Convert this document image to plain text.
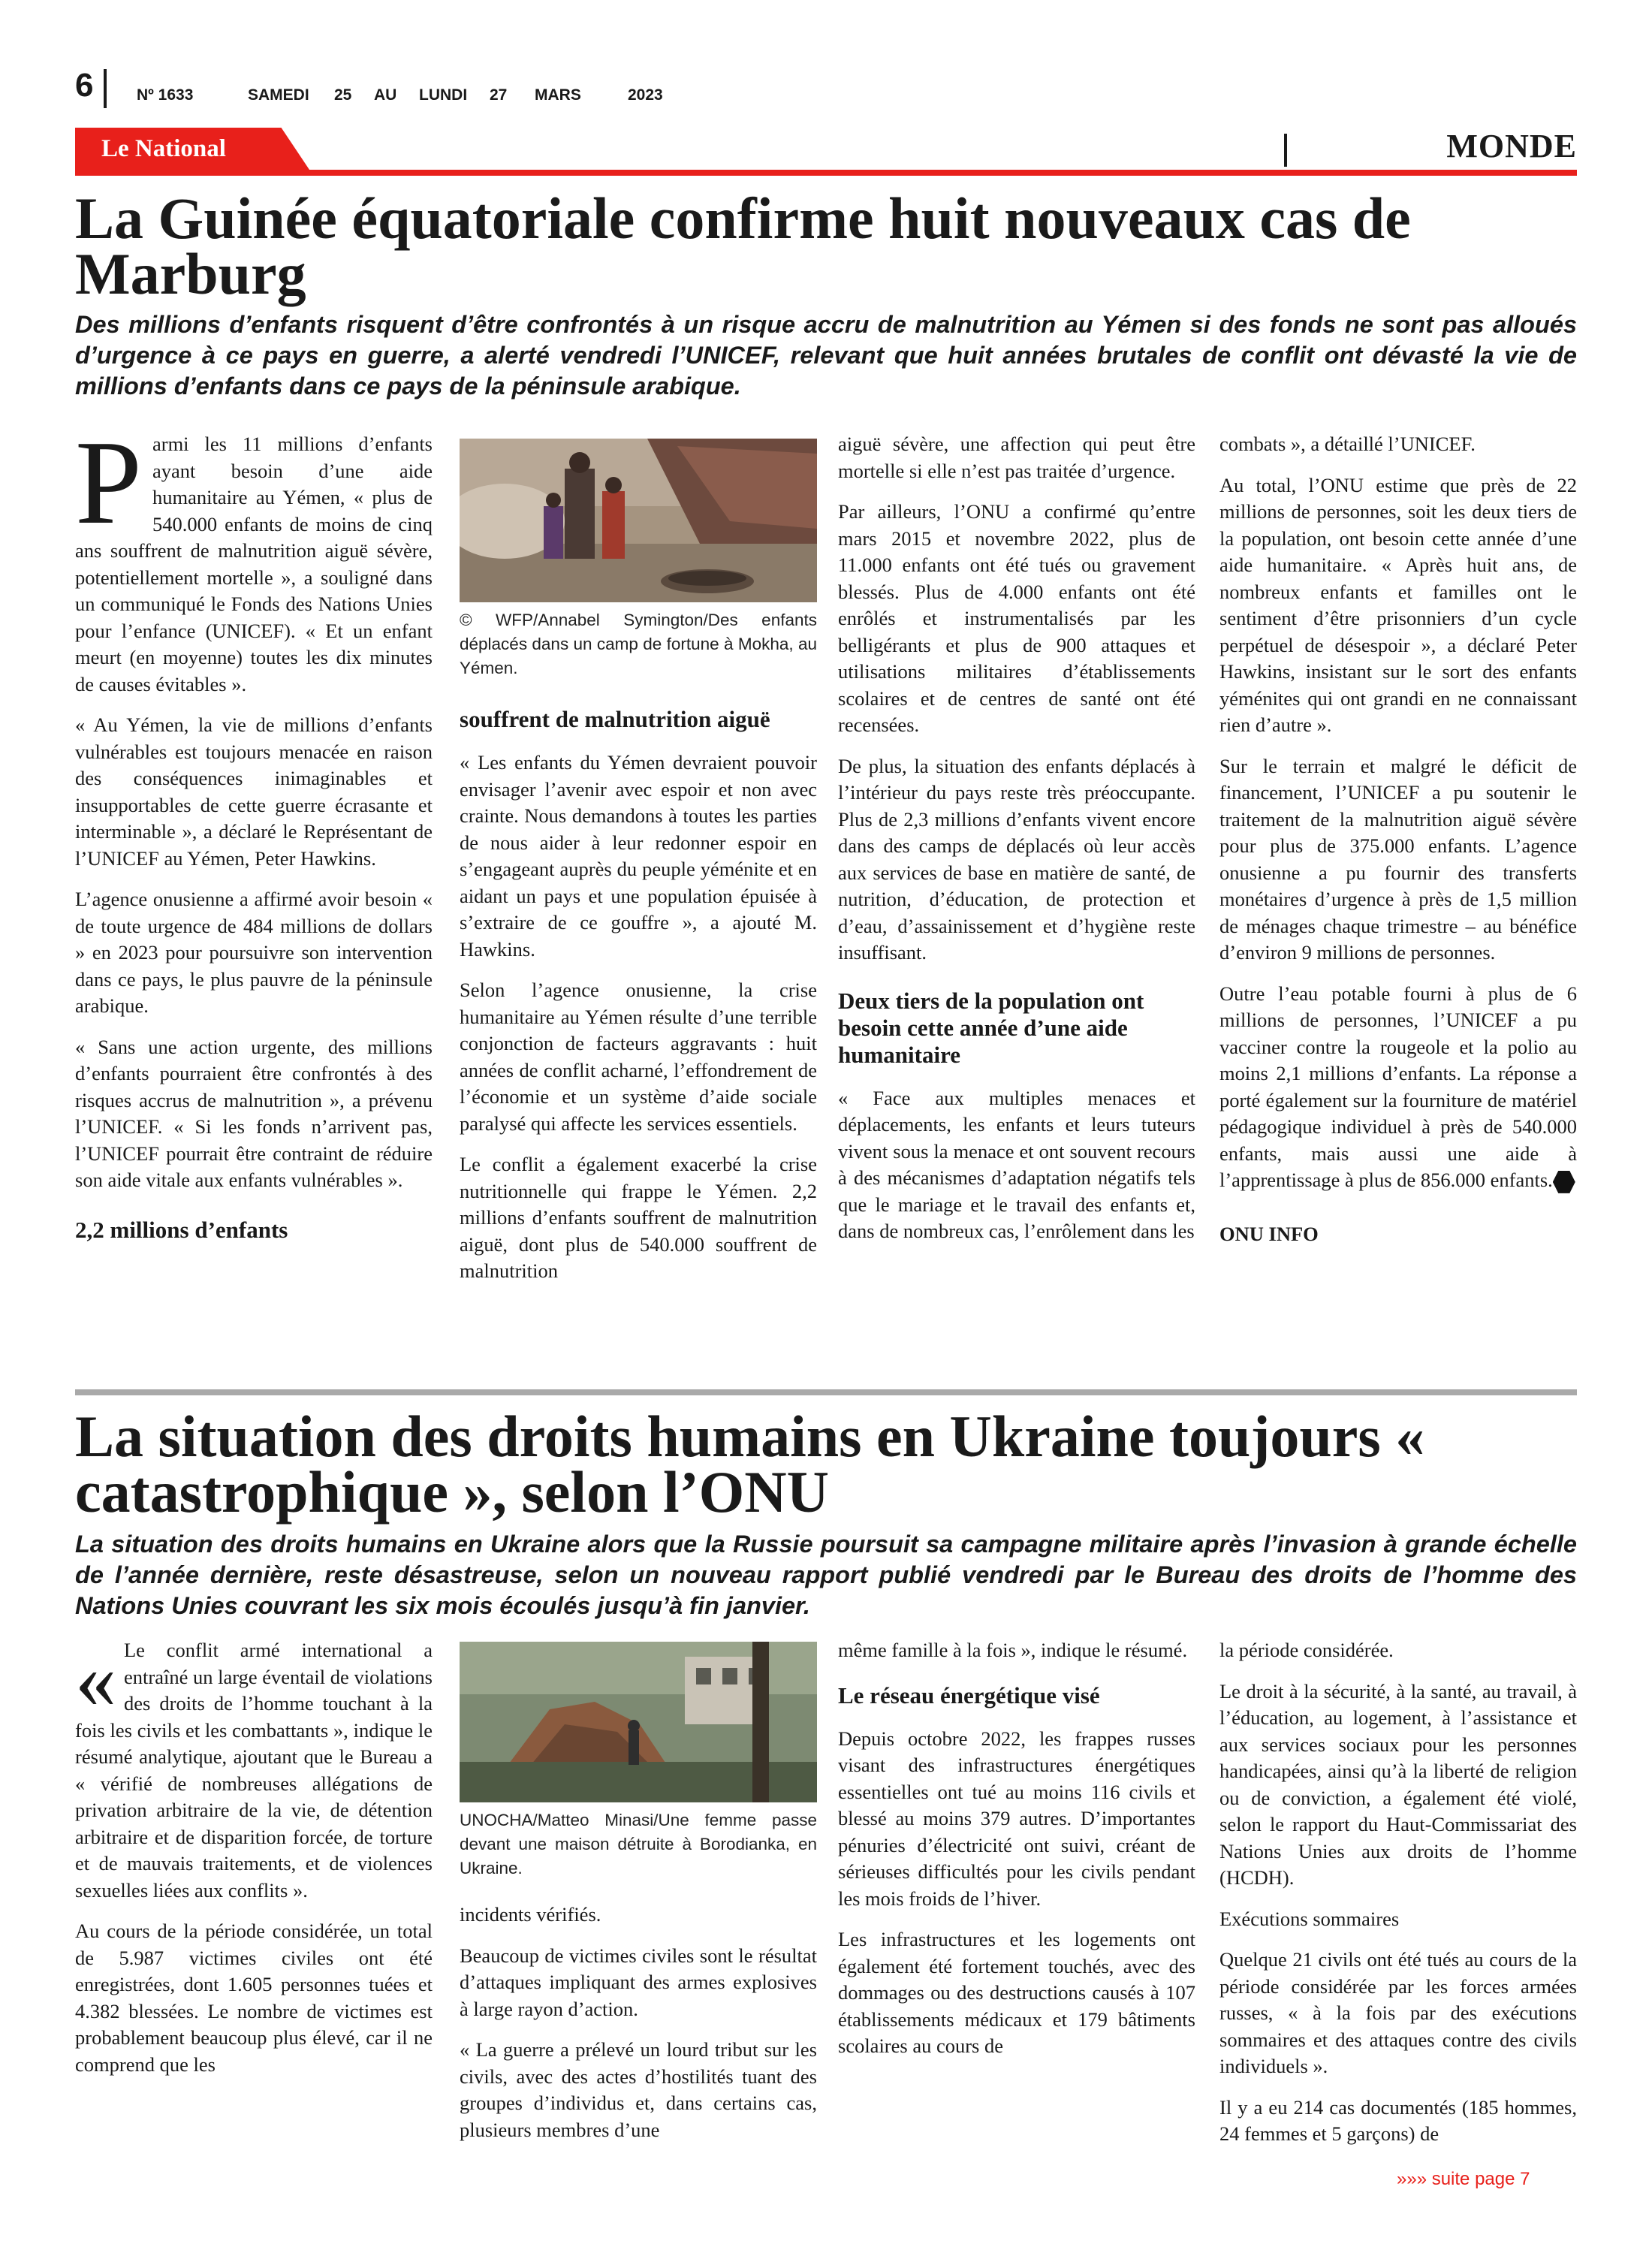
6	Nº 1633	SAMEDI 25 AU LUNDI 27 MARS	2023
Le National	MONDE
La Guinée équatoriale confirme huit nouveaux cas de Marburg

Des millions d’enfants risquent d’être confrontés à un risque accru de malnutrition au Yémen si des fonds ne sont pas alloués d’urgence à ce pays en guerre, a alerté vendredi l’UNICEF, relevant que huit années brutales de conflit ont dévasté la vie de millions d’enfants dans ce pays de la péninsule arabique.

Parmi les 11 millions d’enfants ayant besoin d’une aide humanitaire au Yémen, « plus de 540.000 enfants de moins de cinq ans souffrent de malnutrition aiguë sévère, potentiellement mortelle », a souligné dans un communiqué le Fonds des Nations Unies pour l’enfance (UNICEF). « Et un enfant meurt (en moyenne) toutes les dix minutes de causes évitables ».

« Au Yémen, la vie de millions d’enfants vulnérables est toujours menacée en raison des conséquences inimaginables et insupportables de cette guerre écrasante et interminable », a déclaré le Représentant de l’UNICEF au Yémen, Peter Hawkins.

L’agence onusienne a affirmé avoir besoin « de toute urgence de 484 millions de dollars » en 2023 pour poursuivre son intervention dans ce pays, le plus pauvre de la péninsule arabique.

« Sans une action urgente, des millions d’enfants pourraient être confrontés à des risques accrus de malnutrition », a prévenu l’UNICEF. « Si les fonds n’arrivent pas, l’UNICEF pourrait être contraint de réduire son aide vitale aux enfants vulnérables ».

2,2 millions d’enfants
© WFP/Annabel Symington/Des enfants déplacés dans un camp de fortune à Mokha, au Yémen.
souffrent de malnutrition aiguë

« Les enfants du Yémen devraient pouvoir envisager l’avenir avec espoir et non avec crainte. Nous demandons à toutes les parties de nous aider à leur redonner espoir en s’engageant auprès du peuple yéménite et en aidant un pays et une population épuisée à s’extraire de ce gouffre », a ajouté M. Hawkins.

Selon l’agence onusienne, la crise humanitaire au Yémen résulte d’une terrible conjonction de facteurs aggravants : huit années de conflit acharné, l’effondrement de l’économie et un système d’aide sociale paralysé qui affecte les services essentiels.

Le conflit a également exacerbé la crise nutritionnelle qui frappe le Yémen. 2,2 millions d’enfants souffrent de malnutrition aiguë, dont plus de 540.000 souffrent de malnutrition

aiguë sévère, une affection qui peut être mortelle si elle n’est pas traitée d’urgence.

Par ailleurs, l’ONU a confirmé qu’entre mars 2015 et novembre 2022, plus de 11.000 enfants ont été tués ou gravement blessés. Plus de 4.000 enfants ont été enrôlés et instrumentalisés par les belligérants et plus de 900 attaques et utilisations militaires d’établissements scolaires et de centres de santé ont été recensées.

De plus, la situation des enfants déplacés à l’intérieur du pays reste très préoccupante. Plus de 2,3 millions d’enfants vivent encore dans des camps de déplacés où leur accès aux services de base en matière de santé, de nutrition, d’éducation, de protection et d’eau, d’assainissement et d’hygiène reste insuffisant.

Deux tiers de la population ont besoin cette année d’une aide humanitaire

« Face aux multiples menaces et déplacements, les enfants et leurs tuteurs vivent sous la menace et ont souvent recours à des mécanismes d’adaptation négatifs tels que le mariage et le travail des enfants et, dans de nombreux cas, l’enrôlement dans les

combats », a détaillé l’UNICEF.

Au total, l’ONU estime que près de 22 millions de personnes, soit les deux tiers de la population, ont besoin cette année d’une aide humanitaire. « Après huit ans, de nombreux enfants et familles ont le sentiment d’être prisonniers d’un cycle perpétuel de désespoir », a déclaré Peter Hawkins, insistant sur le sort des enfants yéménites qui ont grandi en ne connaissant rien d’autre ».

Sur le terrain et malgré le déficit de financement, l’UNICEF a pu soutenir le traitement de la malnutrition aiguë sévère pour plus de 375.000 enfants. L’agence onusienne a pu fournir des transferts monétaires d’urgence à près de 1,5 million de ménages chaque trimestre – au bénéfice d’environ 9 millions de personnes.

Outre l’eau potable fourni à plus de 6 millions de personnes, l’UNICEF a pu vacciner contre la rougeole et la polio au moins 2,1 millions d’enfants. La réponse a porté également sur la fourniture de matériel pédagogique individuel à près de 540.000 enfants, mais aussi une aide à l’apprentissage à plus de 856.000 enfants.

ONU INFO
La situation des droits humains en Ukraine toujours « catastrophique », selon l’ONU

La situation des droits humains en Ukraine alors que la Russie poursuit sa campagne militaire après l’invasion à grande échelle de l’année dernière, reste désastreuse, selon un nouveau rapport publié vendredi par le Bureau des droits de l’homme des Nations Unies couvrant les six mois écoulés jusqu’à fin janvier.

« Le conflit armé international a entraîné un large éventail de violations des droits de l’homme touchant à la fois les civils et les combattants », indique le résumé analytique, ajoutant que le Bureau a « vérifié de nombreuses allégations de privation arbitraire de la vie, de détention arbitraire et de disparition forcée, de torture et de mauvais traitements, et de violences sexuelles liées aux conflits ».

Au cours de la période considérée, un total de 5.987 victimes civiles ont été enregistrées, dont 1.605 personnes tuées et 4.382 blessées. Le nombre de victimes est probablement beaucoup plus élevé, car il ne comprend que les

UNOCHA/Matteo Minasi/Une femme passe devant une maison détruite à Borodianka, en Ukraine.

incidents vérifiés.

Beaucoup de victimes civiles sont le résultat d’attaques impliquant des armes explosives à large rayon d’action.

« La guerre a prélevé un lourd tribut sur les civils, avec des actes d’hostilités tuant des groupes d’individus et, dans certains cas, plusieurs membres d’une

même famille à la fois », indique le résumé.

Le réseau énergétique visé

Depuis octobre 2022, les frappes russes visant des infrastructures énergétiques essentielles ont tué au moins 116 civils et blessé au moins 379 autres. D’importantes pénuries d’électricité ont suivi, créant de sérieuses difficultés pour les civils pendant les mois froids de l’hiver.

Les infrastructures et les logements ont également été fortement touchés, avec des dommages ou des destructions causés à 107 établissements médicaux et 179 bâtiments scolaires au cours de

la période considérée.

Le droit à la sécurité, à la santé, au travail, à l’éducation, au logement, à l’assistance et aux services sociaux pour les personnes handicapées, ainsi qu’à la liberté de religion ou de conviction, a également été violé, selon le rapport du Haut-Commissariat des Nations Unies aux droits de l’homme (HCDH).

Exécutions sommaires

Quelque 21 civils ont été tués au cours de la période considérée par les forces armées russes, « à la fois par des exécutions sommaires et des attaques contre des civils individuels ».

Il y a eu 214 cas documentés (185 hommes, 24 femmes et 5 garçons) de

»»» suite page 7
